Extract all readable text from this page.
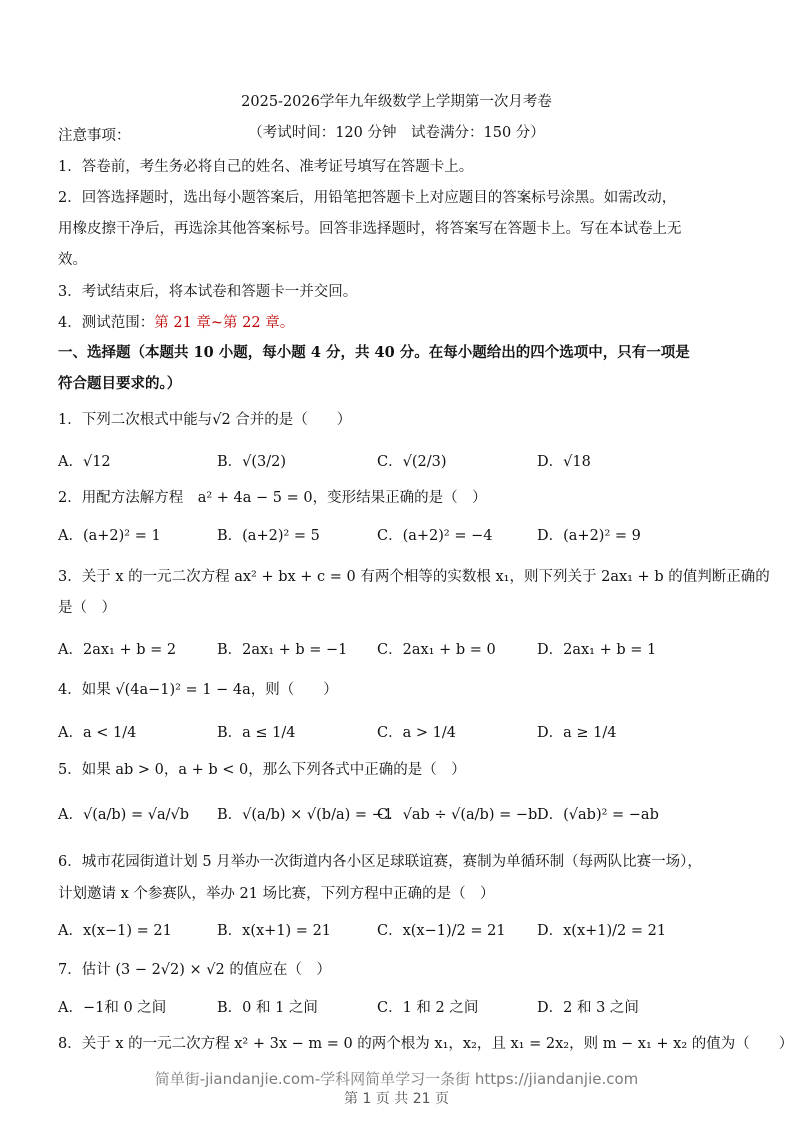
2025-2026学年九年级数学上学期第一次月考卷
（考试时间：120 分钟　试卷满分：150 分）
注意事项：
1．答卷前，考生务必将自己的姓名、准考证号填写在答题卡上。
2．回答选择题时，选出每小题答案后，用铅笔把答题卡上对应题目的答案标号涂黑。如需改动，
用橡皮擦干净后，再选涂其他答案标号。回答非选择题时，将答案写在答题卡上。写在本试卷上无
效。
3．考试结束后，将本试卷和答题卡一并交回。
4．测试范围：第 21 章~第 22 章。
一、选择题（本题共 10 小题，每小题 4 分，共 40 分。在每小题给出的四个选项中，只有一项是
符合题目要求的。）
1．下列二次根式中能与√2 合并的是（　　）
A．√12	B．√(3/2)	C．√(2/3)	D．√18
2．用配方法解方程　a² + 4a − 5 = 0，变形结果正确的是（　）
A．(a+2)² = 1	B．(a+2)² = 5	C．(a+2)² = −4	D．(a+2)² = 9
3．关于 x 的一元二次方程 ax² + bx + c = 0 有两个相等的实数根 x₁，则下列关于 2ax₁ + b 的值判断正确的
是（　）
A．2ax₁ + b = 2	B．2ax₁ + b = −1 C．2ax₁ + b = 0	D．2ax₁ + b = 1
4．如果 √(4a−1)² = 1 − 4a，则（　　）
A．a < 1/4	B．a ≤ 1/4	C．a > 1/4	D．a ≥ 1/4
5．如果 ab > 0，a + b < 0，那么下列各式中正确的是（　）
A．√(a/b) = √a/√b B．√(a/b) × √(b/a) = −1
C．√ab ÷ √(a/b) = −b D．(√ab)² = −ab
6．城市花园街道计划 5 月举办一次街道内各小区足球联谊赛，赛制为单循环制（每两队比赛一场），
计划邀请 x 个参赛队，举办 21 场比赛，下列方程中正确的是（　）
A．x(x−1) = 21	B．x(x+1) = 21	C．x(x−1)/2 = 21 D．x(x+1)/2 = 21
7．估计 (3 − 2√2) × √2 的值应在（　）
A．−1和 0 之间	B．0 和 1 之间	C．1 和 2 之间	D．2 和 3 之间
8．关于 x 的一元二次方程 x² + 3x − m = 0 的两个根为 x₁，x₂，且 x₁ = 2x₂，则 m − x₁ + x₂ 的值为（　　）
简单街-jiandanjie.com-学科网简单学习一条街 https://jiandanjie.com
第 1 页 共 21 页
